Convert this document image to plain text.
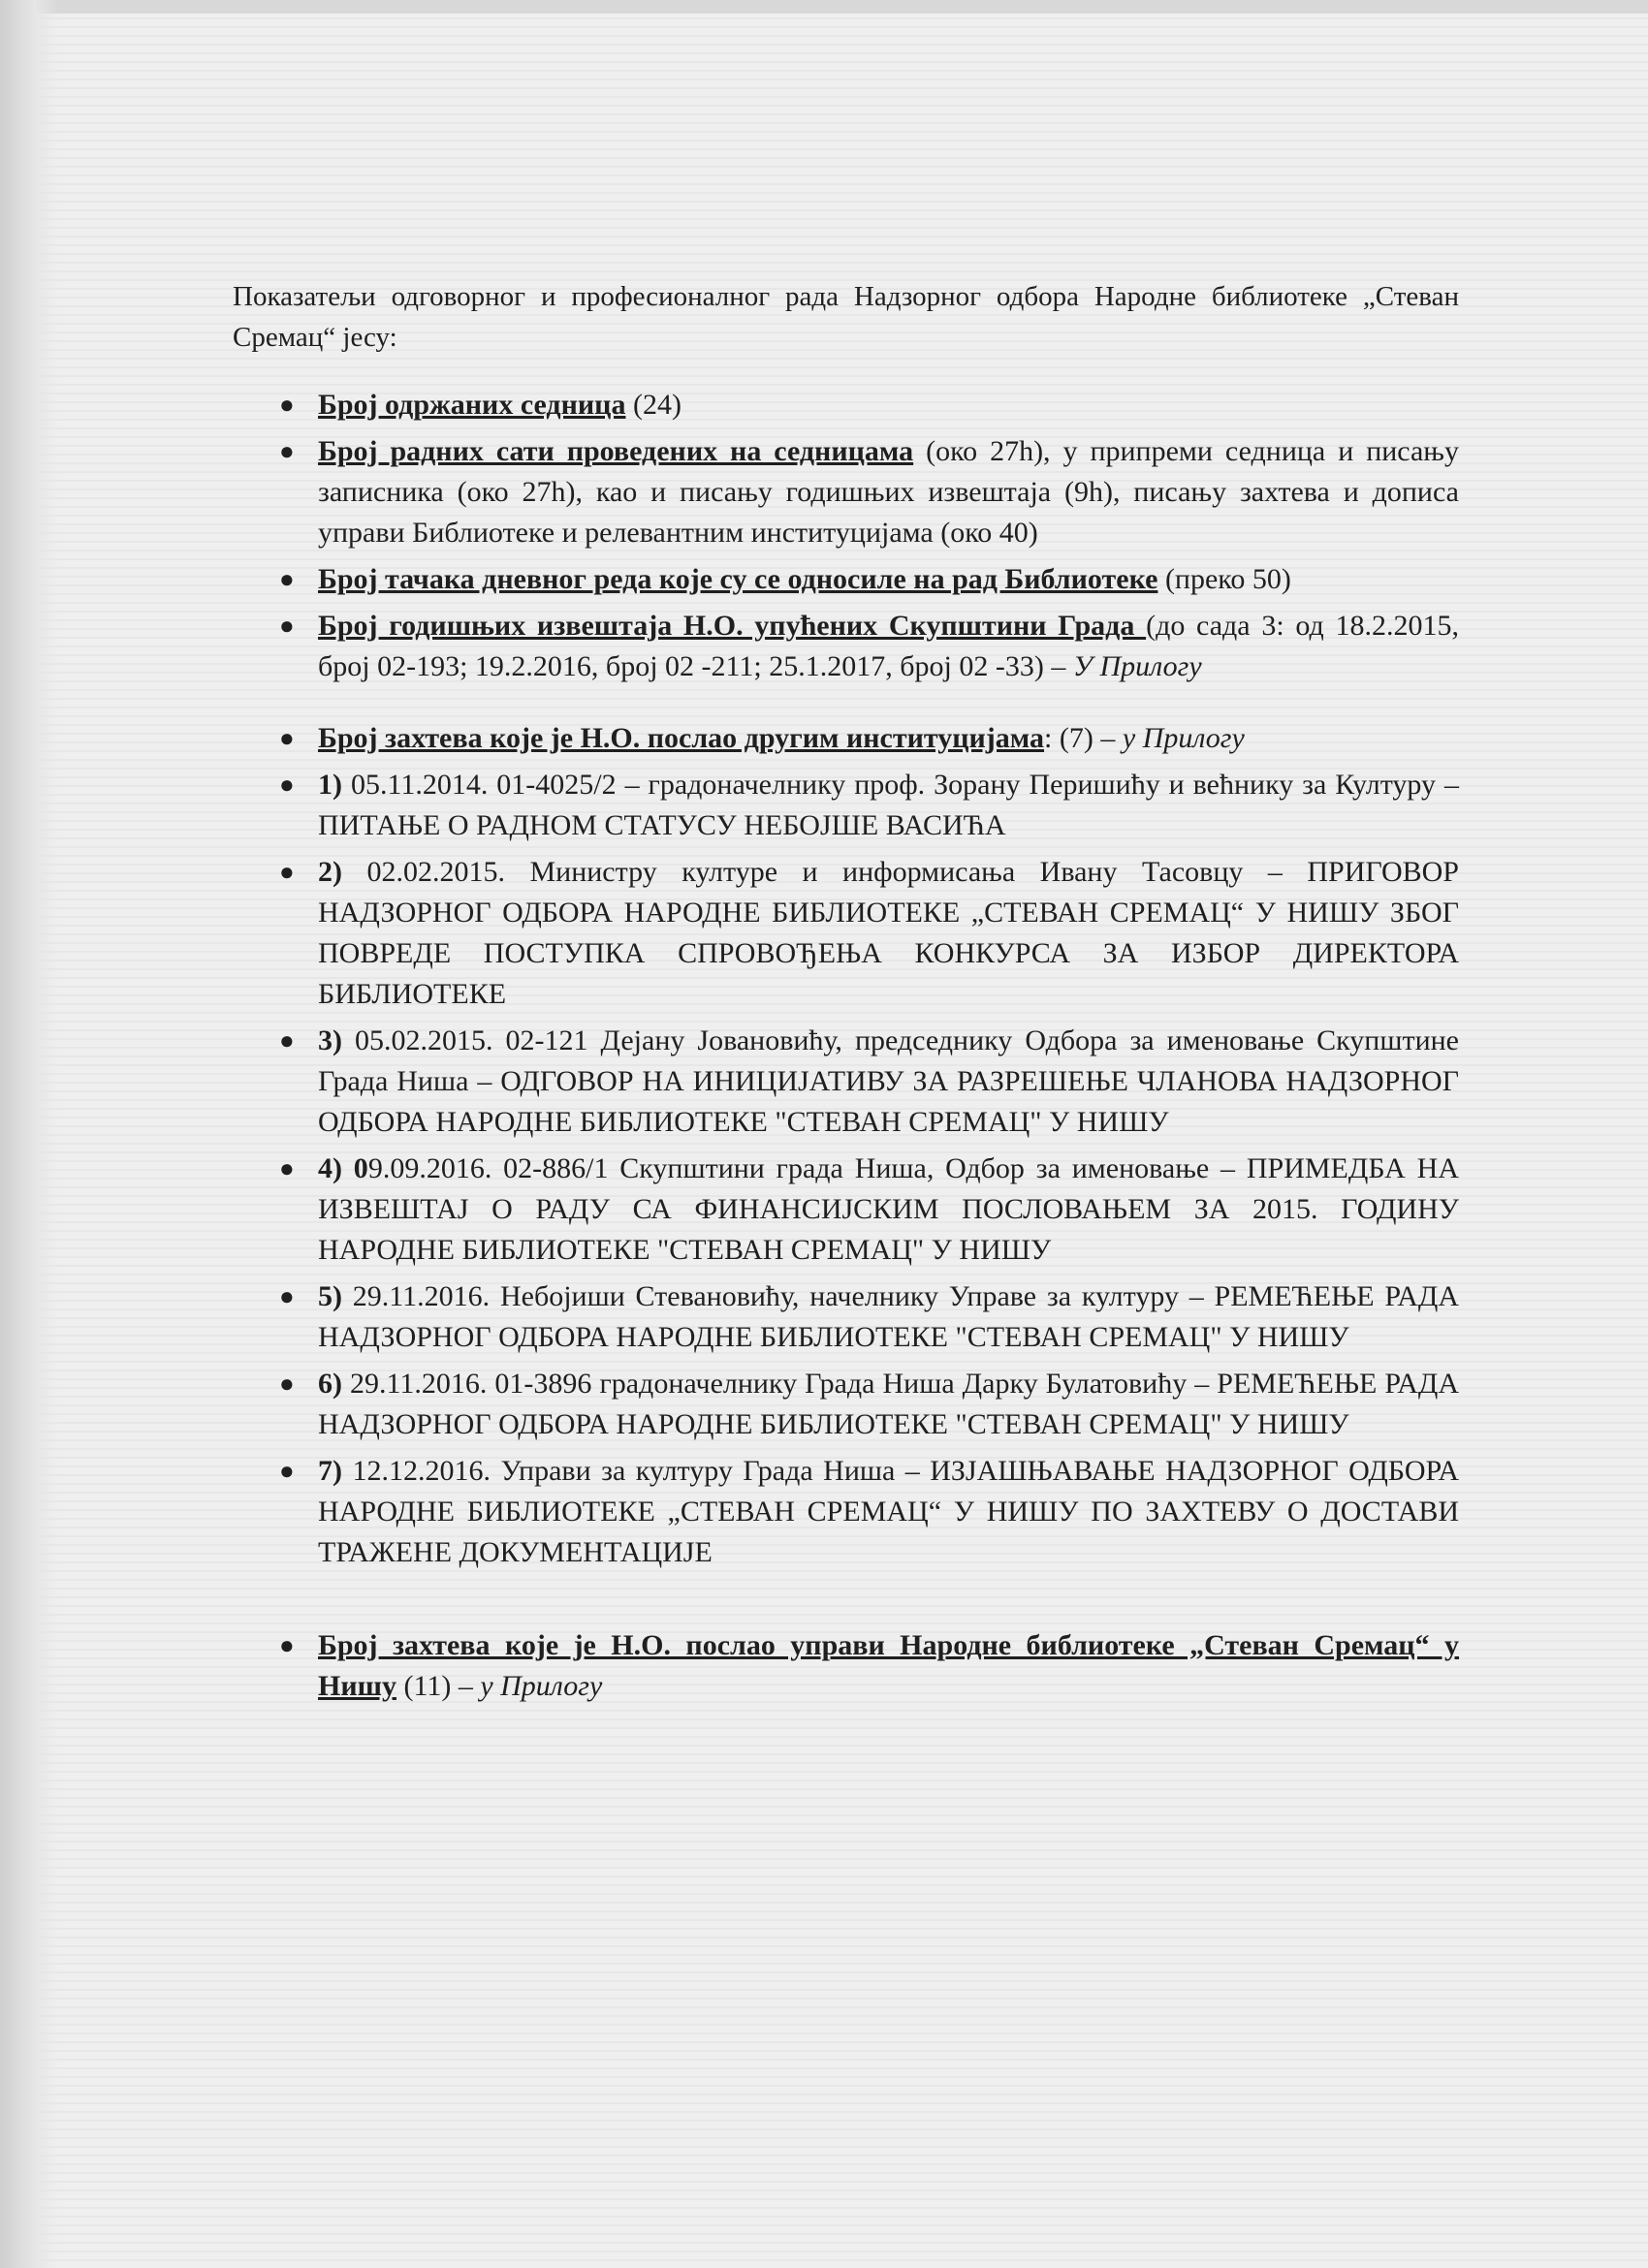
Показатељи одговорног и професионалног рада Надзорног одбора Народне библиотеке „Стеван Сремац“ јесу:

● Број одржаних седница (24)
● Број радних сати проведених на седницама (око 27h), у припреми седница и писању записника (око 27h), као и писању годишњих извештаја (9h), писању захтева и дописа управи Библиотеке и релевантним институцијама (око 40)
● Број тачака дневног реда које су се односиле на рад Библиотеке (преко 50)
● Број годишњих извештаја Н.О. упућених Скупштини Града (до сада 3: од 18.2.2015, број 02-193; 19.2.2016, број 02 -211; 25.1.2017, број 02 -33) – У Прилогу
● Број захтева које је Н.О. послао другим институцијама: (7) – у Прилогу
● 1) 05.11.2014. 01-4025/2 – градоначелнику проф. Зорану Перишићу и већнику за Културу – ПИТАЊЕ О РАДНОМ СТАТУСУ НЕБОЈШЕ ВАСИЋА
● 2) 02.02.2015. Министру културе и информисања Ивану Тасовцу – ПРИГОВОР НАДЗОРНОГ ОДБОРА НАРОДНЕ БИБЛИОТЕКЕ „СТЕВАН СРЕМАЦ“ У НИШУ ЗБОГ ПОВРЕДЕ ПОСТУПКА СПРОВОЂЕЊА КОНКУРСА ЗА ИЗБОР ДИРЕКТОРА БИБЛИОТЕКЕ
● 3) 05.02.2015. 02-121 Дејану Јовановићу, председнику Одбора за именовање Скупштине Града Ниша – ОДГОВОР НА ИНИЦИЈАТИВУ ЗА РАЗРЕШЕЊЕ ЧЛАНОВА НАДЗОРНОГ ОДБОРА НАРОДНЕ БИБЛИОТЕКЕ "СТЕВАН СРЕМАЦ" У НИШУ
● 4) 09.09.2016. 02-886/1 Скупштини града Ниша, Одбор за именовање – ПРИМЕДБА НА ИЗВЕШТАЈ О РАДУ СА ФИНАНСИЈСКИМ ПОСЛОВАЊЕМ ЗА 2015. ГОДИНУ НАРОДНЕ БИБЛИОТЕКЕ "СТЕВАН СРЕМАЦ" У НИШУ
● 5) 29.11.2016. Небојиши Стевановићу, начелнику Управе за културу – РЕМЕЋЕЊЕ РАДА НАДЗОРНОГ ОДБОРА НАРОДНЕ БИБЛИОТЕКЕ "СТЕВАН СРЕМАЦ" У НИШУ
● 6) 29.11.2016. 01-3896 градоначелнику Града Ниша Дарку Булатовићу – РЕМЕЋЕЊЕ РАДА НАДЗОРНОГ ОДБОРА НАРОДНЕ БИБЛИОТЕКЕ "СТЕВАН СРЕМАЦ" У НИШУ
● 7) 12.12.2016. Управи за културу Града Ниша – ИЗЈАШЊАВАЊЕ НАДЗОРНОГ ОДБОРА НАРОДНЕ БИБЛИОТЕКЕ „СТЕВАН СРЕМАЦ“ У НИШУ ПО ЗАХТЕВУ О ДОСТАВИ ТРАЖЕНЕ ДОКУМЕНТАЦИЈЕ
● Број захтева које је Н.О. послао управи Народне библиотеке „Стеван Сремац“ у Нишу (11) – у Прилогу
